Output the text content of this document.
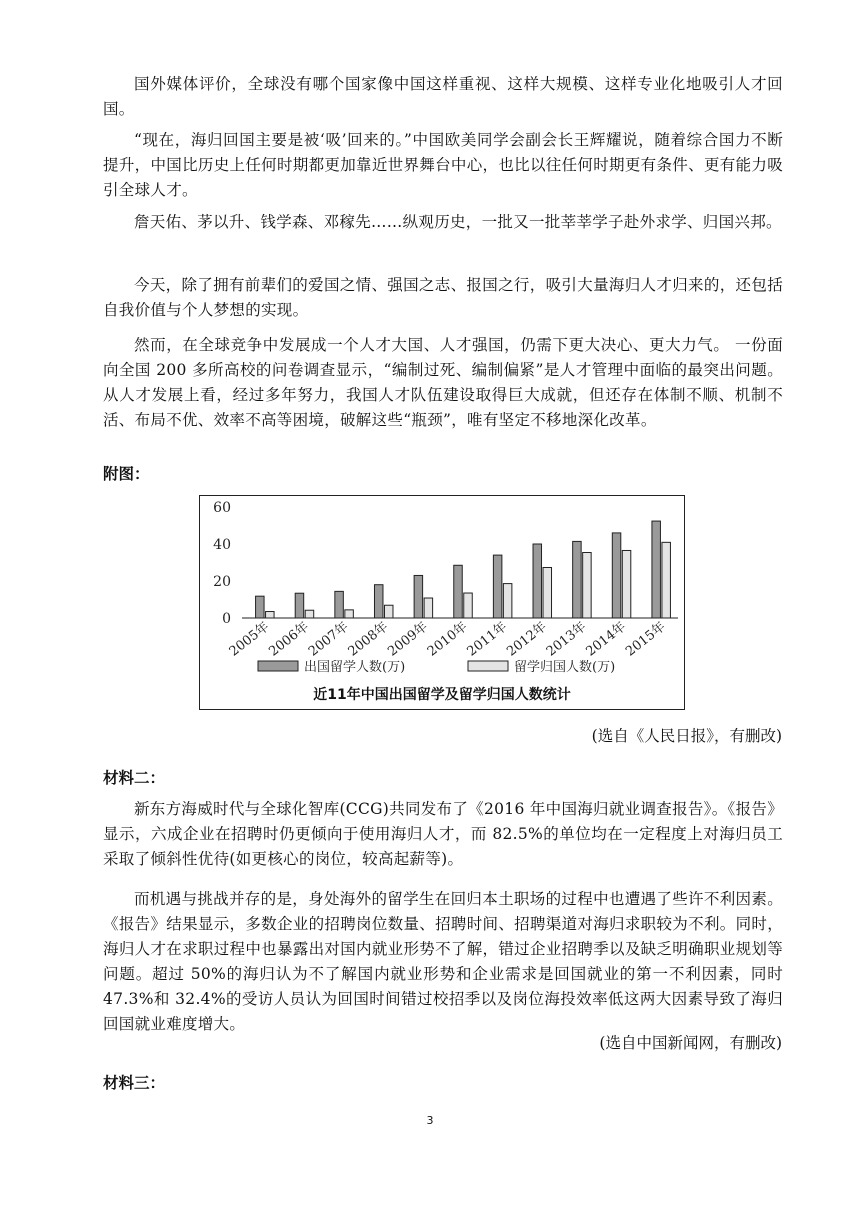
国外媒体评价，全球没有哪个国家像中国这样重视、这样大规模、这样专业化地吸引人才回国。

“现在，海归回国主要是被‘吸’回来的。”中国欧美同学会副会长王辉耀说，随着综合国力不断提升，中国比历史上任何时期都更加靠近世界舞台中心，也比以往任何时期更有条件、更有能力吸引全球人才。

詹天佑、茅以升、钱学森、邓稼先……纵观历史，一批又一批莘莘学子赴外求学、归国兴邦。

今天，除了拥有前辈们的爱国之情、强国之志、报国之行，吸引大量海归人才归来的，还包括自我价值与个人梦想的实现。

然而，在全球竞争中发展成一个人才大国、人才强国，仍需下更大决心、更大力气。 一份面向全国 200 多所高校的问卷调查显示，“编制过死、编制偏紧”是人才管理中面临的最突出问题。从人才发展上看，经过多年努力，我国人才队伍建设取得巨大成就，但还存在体制不顺、机制不活、布局不优、效率不高等困境，破解这些“瓶颈”，唯有坚定不移地深化改革。

附图：

0
20
40
60
2005年
2006年
2007年
2008年
2009年
2010年
2011年
2012年
2013年
2014年
2015年
出国留学人数(万)	留学归国人数(万)
近11年中国出国留学及留学归国人数统计

(选自《人民日报》，有删改)

材料二：

新东方海威时代与全球化智库(CCG)共同发布了《2016 年中国海归就业调查报告》。《报告》显示，六成企业在招聘时仍更倾向于使用海归人才，而 82.5%的单位均在一定程度上对海归员工采取了倾斜性优待(如更核心的岗位，较高起薪等)。

而机遇与挑战并存的是，身处海外的留学生在回归本土职场的过程中也遭遇了些许不利因素。《报告》结果显示，多数企业的招聘岗位数量、招聘时间、招聘渠道对海归求职较为不利。同时，海归人才在求职过程中也暴露出对国内就业形势不了解，错过企业招聘季以及缺乏明确职业规划等问题。超过 50%的海归认为不了解国内就业形势和企业需求是回国就业的第一不利因素，同时 47.3%和 32.4%的受访人员认为回国时间错过校招季以及岗位海投效率低这两大因素导致了海归回国就业难度增大。

(选自中国新闻网，有删改)

材料三：

3
